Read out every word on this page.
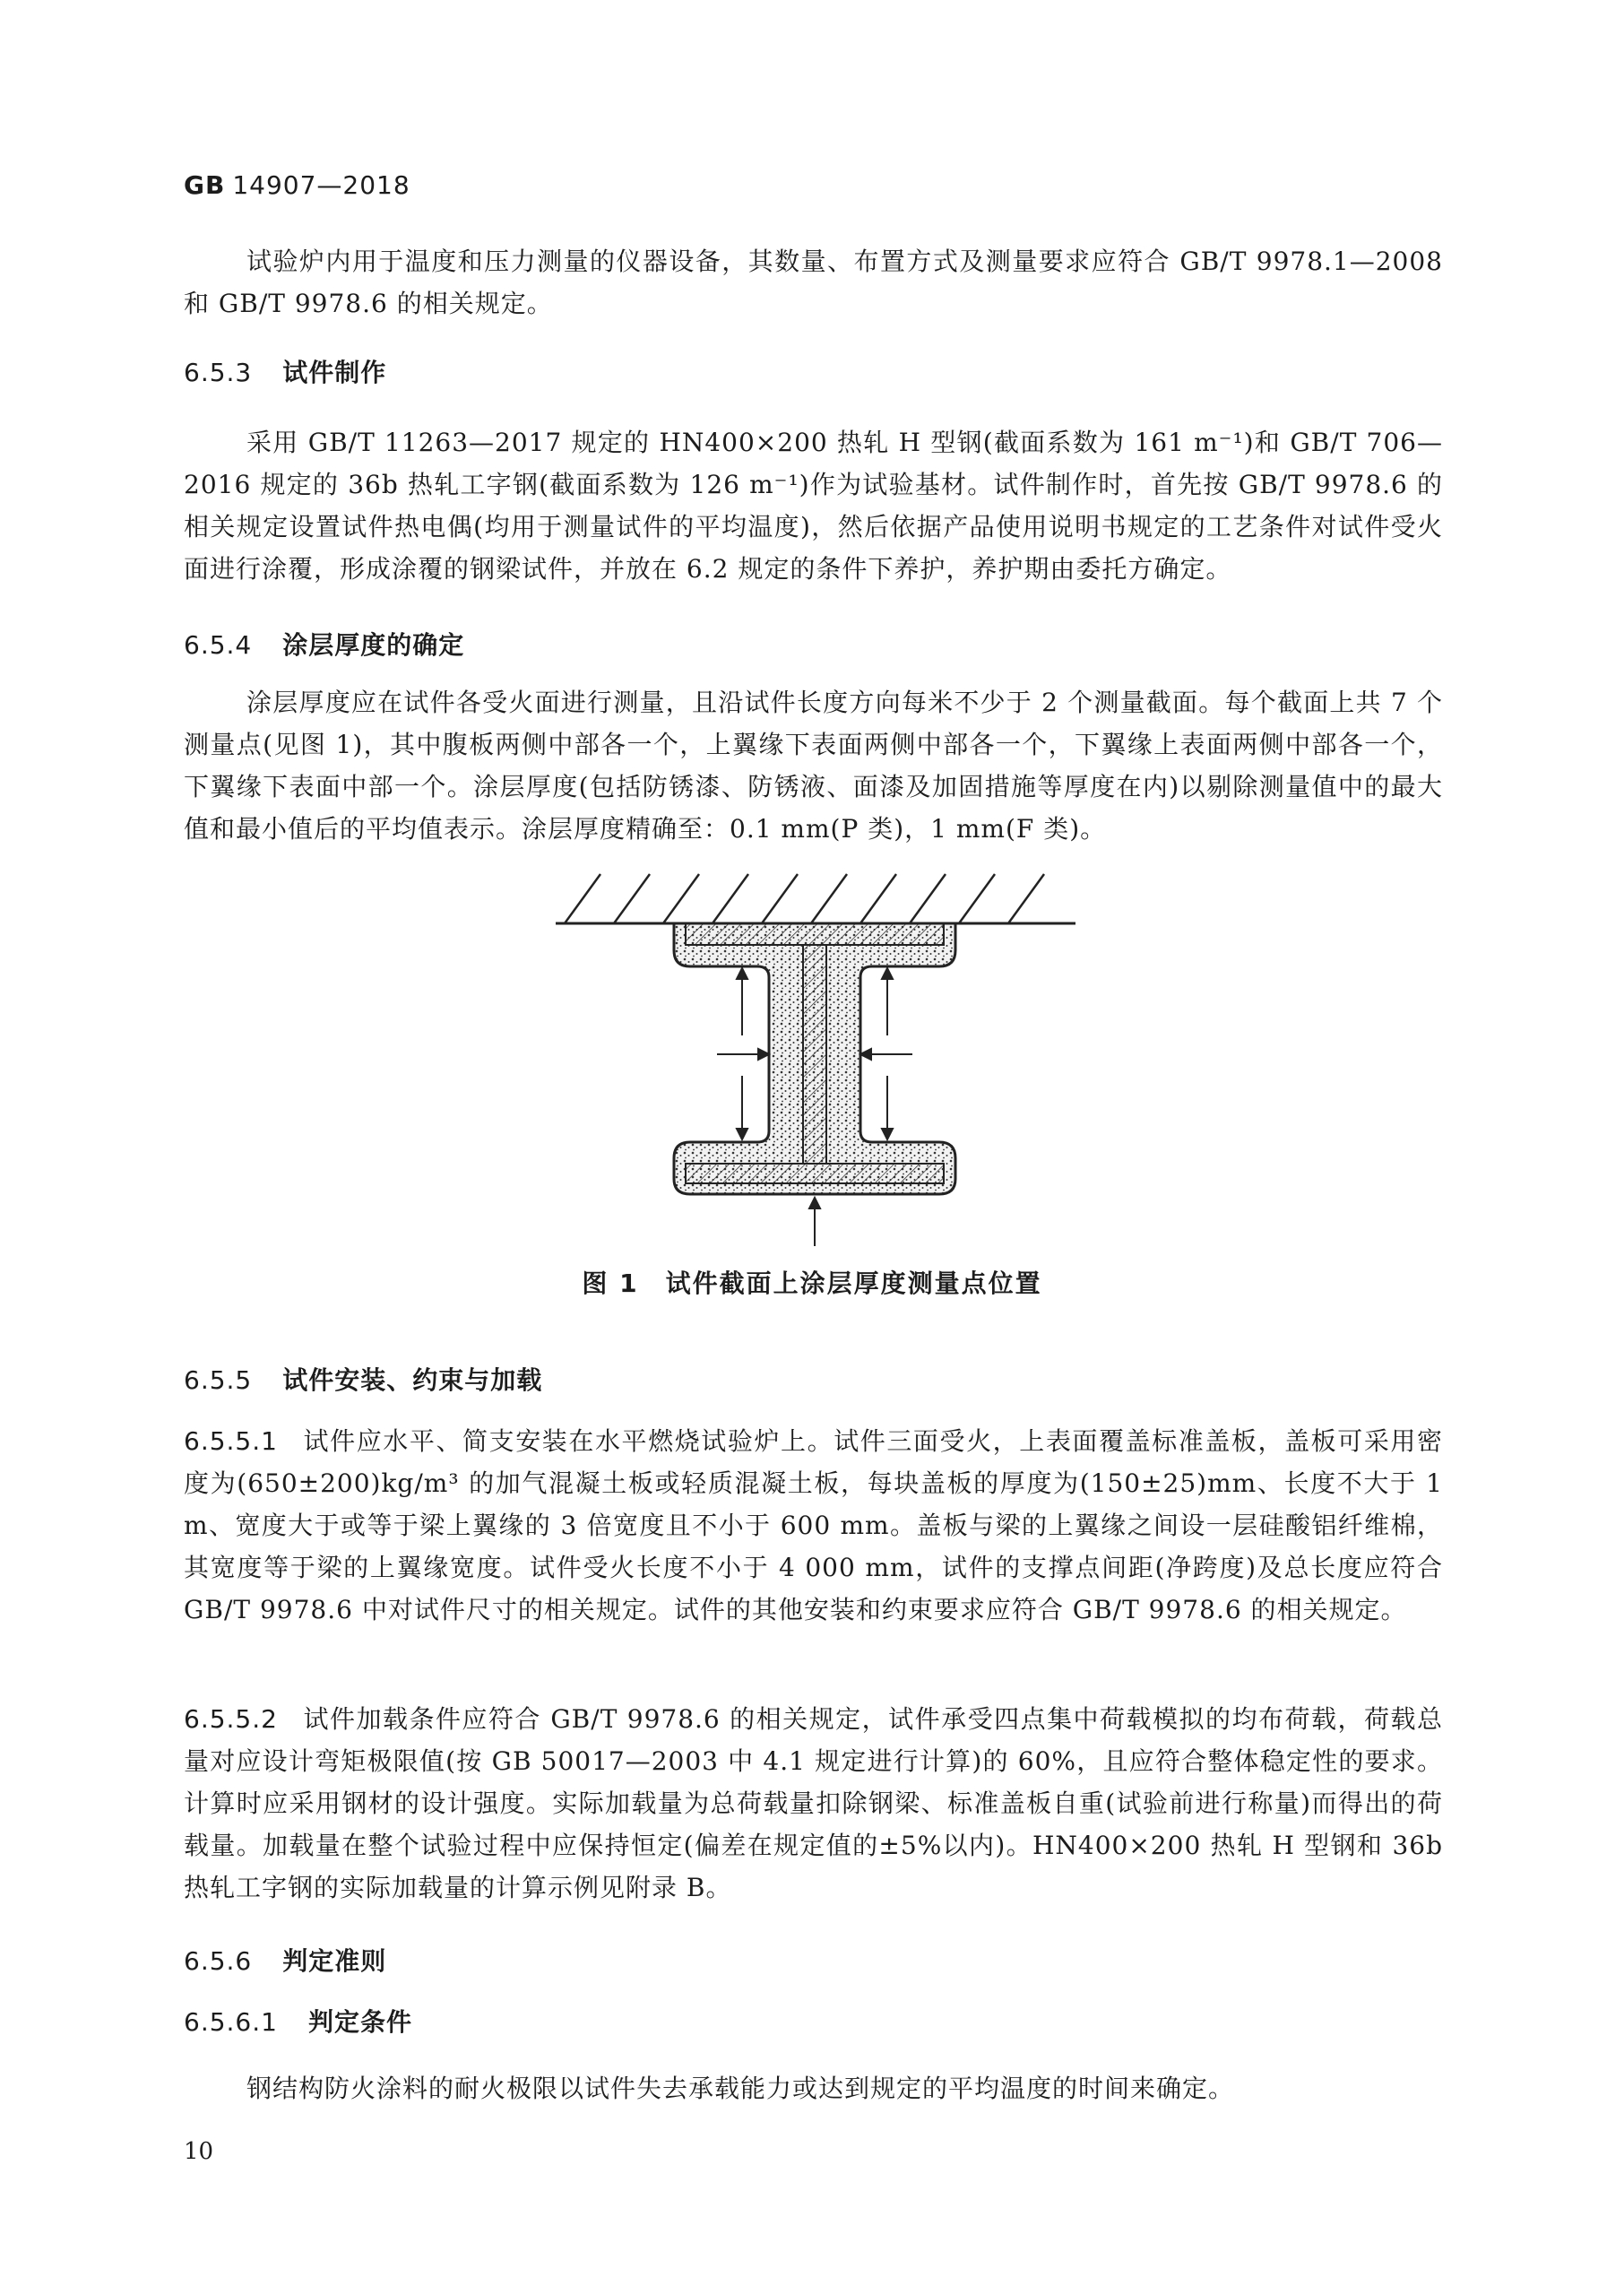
GB 14907—2018
试验炉内用于温度和压力测量的仪器设备，其数量、布置方式及测量要求应符合 GB/T 9978.1—2008 和 GB/T 9978.6 的相关规定。
6.5.3 试件制作
采用 GB/T 11263—2017 规定的 HN400×200 热轧 H 型钢(截面系数为 161 m⁻¹)和 GB/T 706—2016 规定的 36b 热轧工字钢(截面系数为 126 m⁻¹)作为试验基材。试件制作时，首先按 GB/T 9978.6 的相关规定设置试件热电偶(均用于测量试件的平均温度)，然后依据产品使用说明书规定的工艺条件对试件受火面进行涂覆，形成涂覆的钢梁试件，并放在 6.2 规定的条件下养护，养护期由委托方确定。
6.5.4 涂层厚度的确定
涂层厚度应在试件各受火面进行测量，且沿试件长度方向每米不少于 2 个测量截面。每个截面上共 7 个测量点(见图 1)，其中腹板两侧中部各一个，上翼缘下表面两侧中部各一个，下翼缘上表面两侧中部各一个，下翼缘下表面中部一个。涂层厚度(包括防锈漆、防锈液、面漆及加固措施等厚度在内)以剔除测量值中的最大值和最小值后的平均值表示。涂层厚度精确至：0.1 mm(P 类)，1 mm(F 类)。
图 1 试件截面上涂层厚度测量点位置
6.5.5 试件安装、约束与加载
6.5.5.1 试件应水平、简支安装在水平燃烧试验炉上。试件三面受火，上表面覆盖标准盖板，盖板可采用密度为(650±200)kg/m³ 的加气混凝土板或轻质混凝土板，每块盖板的厚度为(150±25)mm、长度不大于 1 m、宽度大于或等于梁上翼缘的 3 倍宽度且不小于 600 mm。盖板与梁的上翼缘之间设一层硅酸铝纤维棉，其宽度等于梁的上翼缘宽度。试件受火长度不小于 4 000 mm，试件的支撑点间距(净跨度)及总长度应符合 GB/T 9978.6 中对试件尺寸的相关规定。试件的其他安装和约束要求应符合 GB/T 9978.6 的相关规定。
6.5.5.2 试件加载条件应符合 GB/T 9978.6 的相关规定，试件承受四点集中荷载模拟的均布荷载，荷载总量对应设计弯矩极限值(按 GB 50017—2003 中 4.1 规定进行计算)的 60%，且应符合整体稳定性的要求。计算时应采用钢材的设计强度。实际加载量为总荷载量扣除钢梁、标准盖板自重(试验前进行称量)而得出的荷载量。加载量在整个试验过程中应保持恒定(偏差在规定值的±5%以内)。HN400×200 热轧 H 型钢和 36b 热轧工字钢的实际加载量的计算示例见附录 B。
6.5.6 判定准则
6.5.6.1 判定条件
钢结构防火涂料的耐火极限以试件失去承载能力或达到规定的平均温度的时间来确定。
10
